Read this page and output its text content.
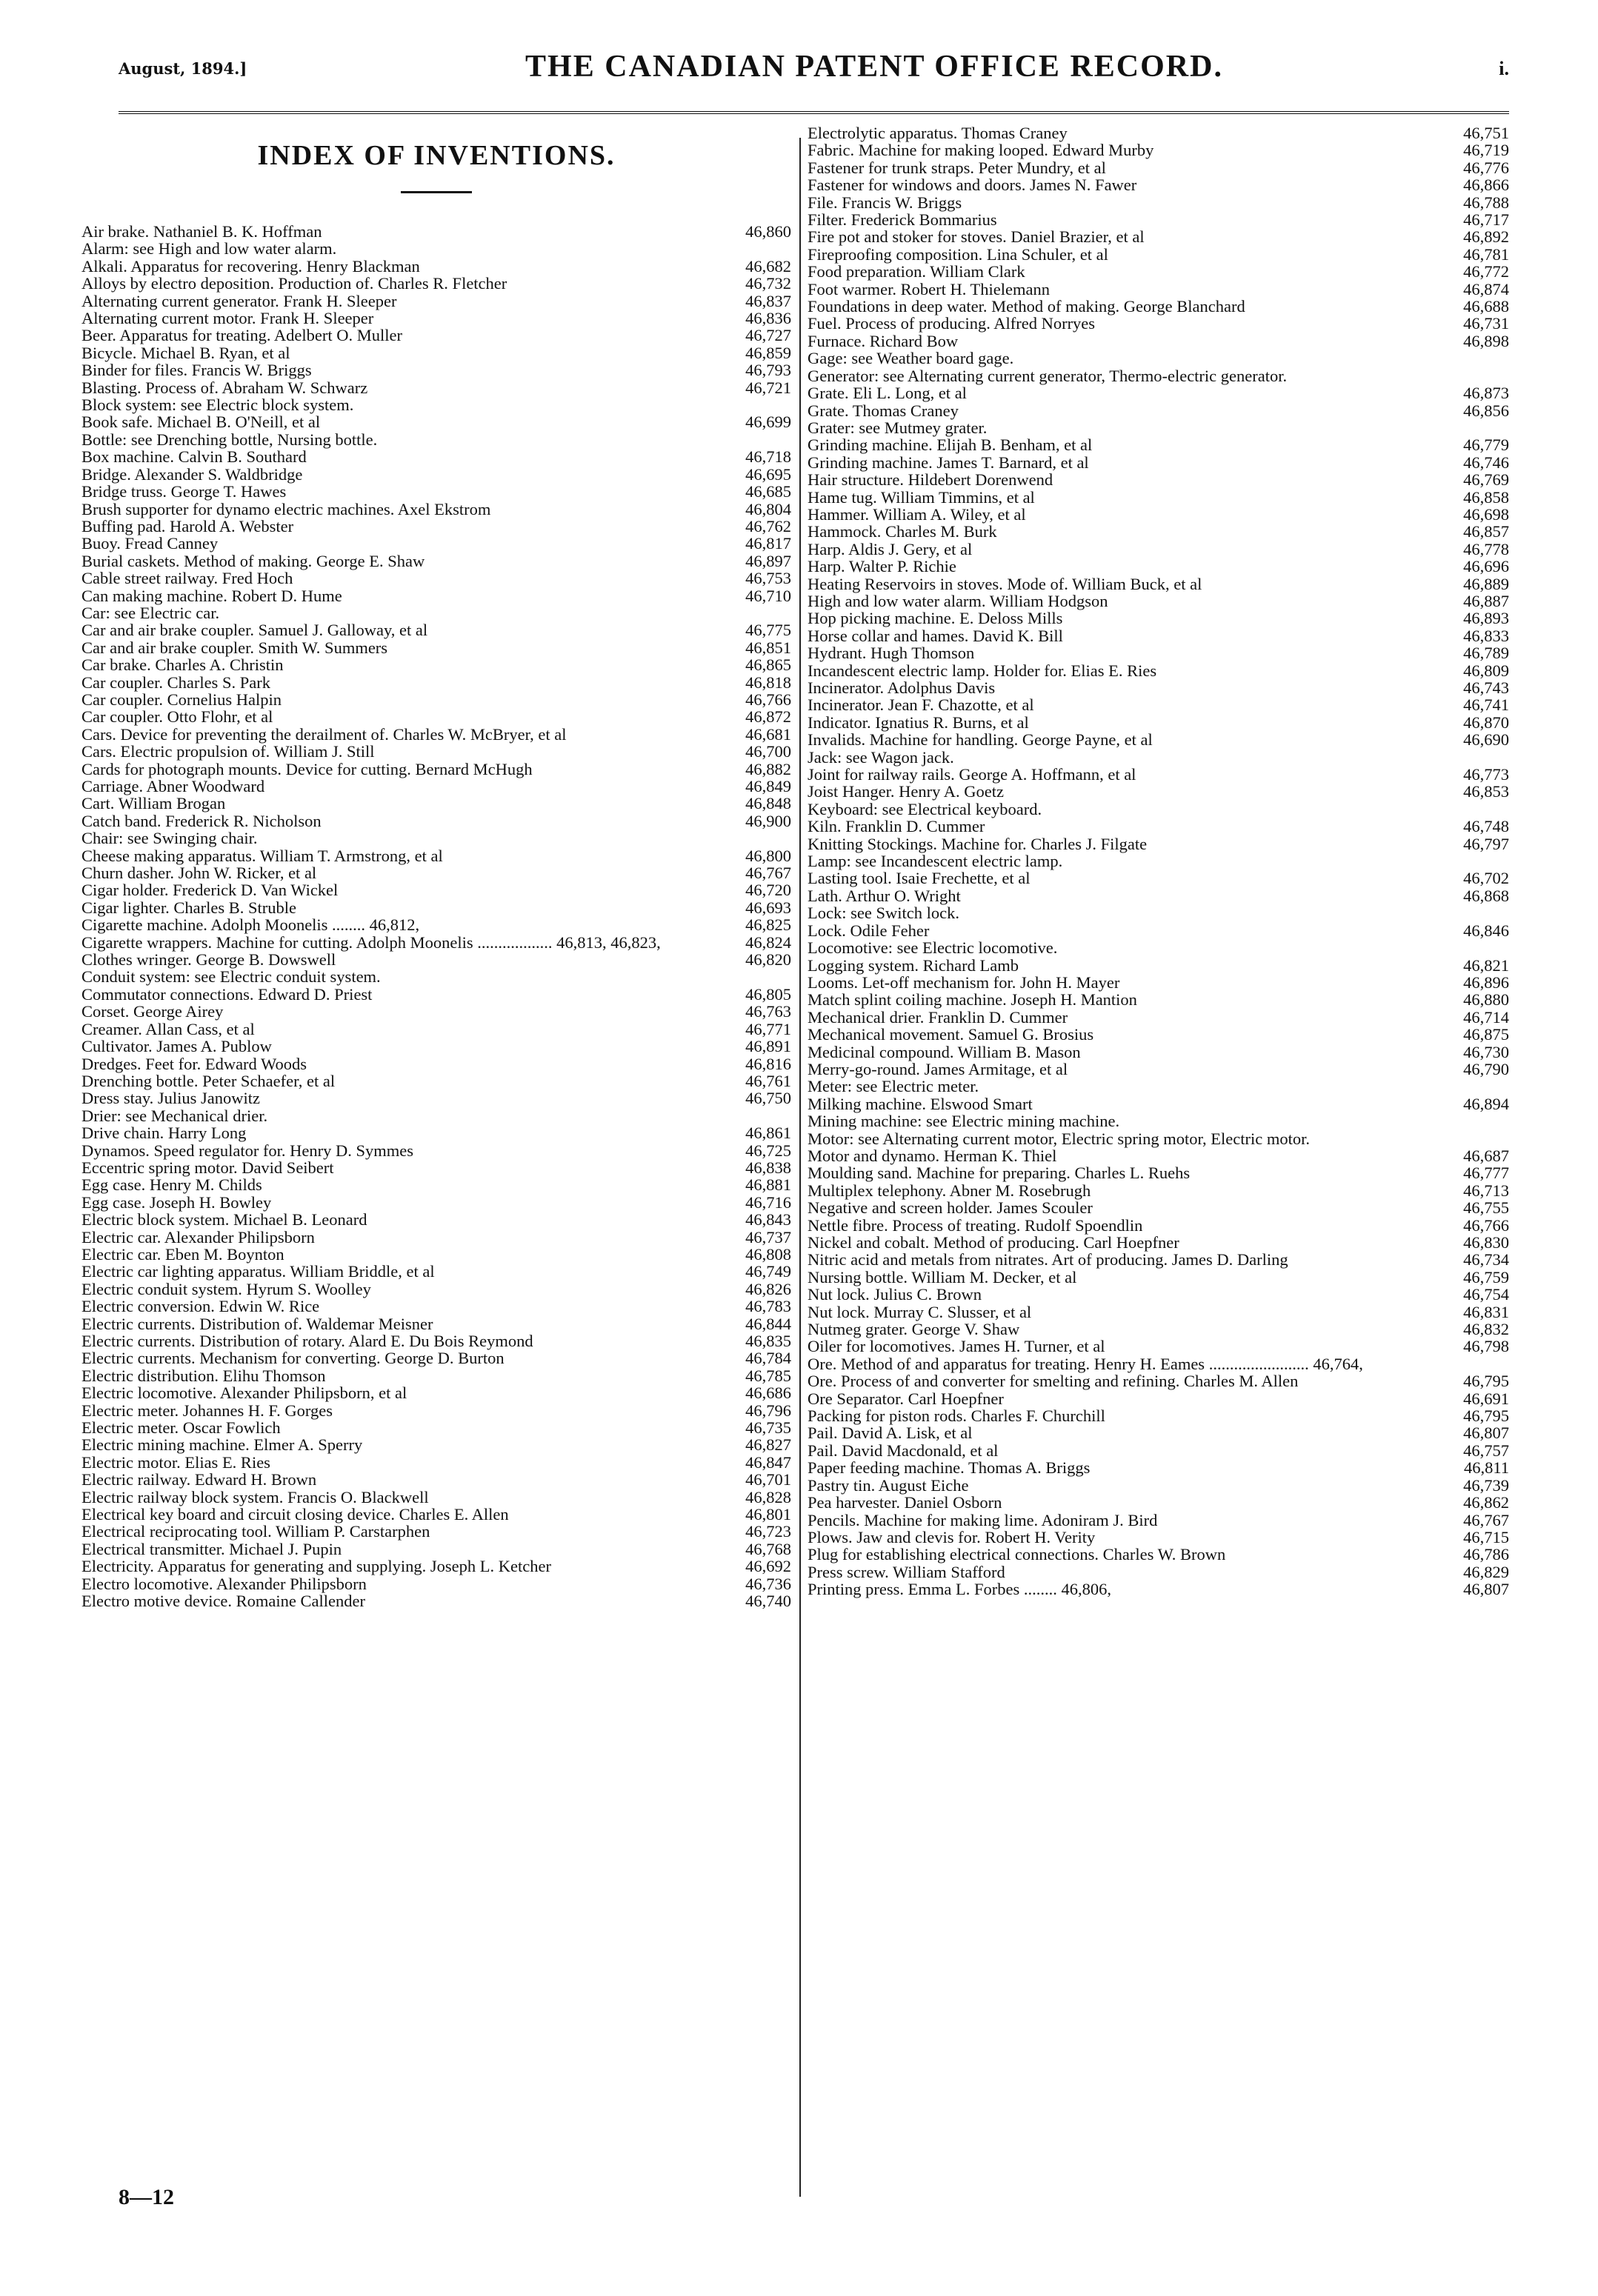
August, 1894.]	THE CANADIAN PATENT OFFICE RECORD.	i.
INDEX OF INVENTIONS.
Air brake. Nathaniel B. K. Hoffman	46,860
Alarm: see High and low water alarm.
Alkali. Apparatus for recovering. Henry Blackman	46,682
Alloys by electro deposition. Production of. Charles R. Fletcher	46,732
Alternating current generator. Frank H. Sleeper	46,837
Alternating current motor. Frank H. Sleeper	46,836
Beer. Apparatus for treating. Adelbert O. Muller	46,727
Bicycle. Michael B. Ryan, et al	46,859
Binder for files. Francis W. Briggs	46,793
Blasting. Process of. Abraham W. Schwarz	46,721
Block system: see Electric block system.
Book safe. Michael B. O'Neill, et al	46,699
Bottle: see Drenching bottle, Nursing bottle.
Box machine. Calvin B. Southard	46,718
Bridge. Alexander S. Waldbridge	46,695
Bridge truss. George T. Hawes	46,685
Brush supporter for dynamo electric machines. Axel Ekstrom	46,804
Buffing pad. Harold A. Webster	46,762
Buoy. Fread Canney	46,817
Burial caskets. Method of making. George E. Shaw	46,897
Cable street railway. Fred Hoch	46,753
Can making machine. Robert D. Hume	46,710
Car: see Electric car.
Car and air brake coupler. Samuel J. Galloway, et al	46,775
Car and air brake coupler. Smith W. Summers	46,851
Car brake. Charles A. Christin	46,865
Car coupler. Charles S. Park	46,818
Car coupler. Cornelius Halpin	46,766
Car coupler. Otto Flohr, et al	46,872
Cars. Device for preventing the derailment of. Charles W. McBryer, et al	46,681
Cars. Electric propulsion of. William J. Still	46,700
Cards for photograph mounts. Device for cutting. Bernard McHugh	46,882
Carriage. Abner Woodward	46,849
Cart. William Brogan	46,848
Catch band. Frederick R. Nicholson	46,900
Chair: see Swinging chair.
Cheese making apparatus. William T. Armstrong, et al	46,800
Churn dasher. John W. Ricker, et al	46,767
Cigar holder. Frederick D. Van Wickel	46,720
Cigar lighter. Charles B. Struble	46,693
Cigarette machine. Adolph Moonelis ........ 46,812,	46,825
Cigarette wrappers. Machine for cutting. Adolph Moonelis .................. 46,813, 46,823,	46,824
Clothes wringer. George B. Dowswell	46,820
Conduit system: see Electric conduit system.
Commutator connections. Edward D. Priest	46,805
Corset. George Airey	46,763
Creamer. Allan Cass, et al	46,771
Cultivator. James A. Publow	46,891
Dredges. Feet for. Edward Woods	46,816
Drenching bottle. Peter Schaefer, et al	46,761
Dress stay. Julius Janowitz	46,750
Drier: see Mechanical drier.
Drive chain. Harry Long	46,861
Dynamos. Speed regulator for. Henry D. Symmes	46,725
Eccentric spring motor. David Seibert	46,838
Egg case. Henry M. Childs	46,881
Egg case. Joseph H. Bowley	46,716
Electric block system. Michael B. Leonard	46,843
Electric car. Alexander Philipsborn	46,737
Electric car. Eben M. Boynton	46,808
Electric car lighting apparatus. William Briddle, et al	46,749
Electric conduit system. Hyrum S. Woolley	46,826
Electric conversion. Edwin W. Rice	46,783
Electric currents. Distribution of. Waldemar Meisner	46,844
Electric currents. Distribution of rotary. Alard E. Du Bois Reymond	46,835
Electric currents. Mechanism for converting. George D. Burton	46,784
Electric distribution. Elihu Thomson	46,785
Electric locomotive. Alexander Philipsborn, et al	46,686
Electric meter. Johannes H. F. Gorges	46,796
Electric meter. Oscar Fowlich	46,735
Electric mining machine. Elmer A. Sperry	46,827
Electric motor. Elias E. Ries	46,847
Electric railway. Edward H. Brown	46,701
Electric railway block system. Francis O. Blackwell	46,828
Electrical key board and circuit closing device. Charles E. Allen	46,801
Electrical reciprocating tool. William P. Carstarphen	46,723
Electrical transmitter. Michael J. Pupin	46,768
Electricity. Apparatus for generating and supplying. Joseph L. Ketcher	46,692
Electro locomotive. Alexander Philipsborn	46,736
Electro motive device. Romaine Callender	46,740
Electrolytic apparatus. Thomas Craney	46,751
Fabric. Machine for making looped. Edward Murby	46,719
Fastener for trunk straps. Peter Mundry, et al	46,776
Fastener for windows and doors. James N. Fawer	46,866
File. Francis W. Briggs	46,788
Filter. Frederick Bommarius	46,717
Fire pot and stoker for stoves. Daniel Brazier, et al	46,892
Fireproofing composition. Lina Schuler, et al	46,781
Food preparation. William Clark	46,772
Foot warmer. Robert H. Thielemann	46,874
Foundations in deep water. Method of making. George Blanchard	46,688
Fuel. Process of producing. Alfred Norryes	46,731
Furnace. Richard Bow	46,898
Gage: see Weather board gage.
Generator: see Alternating current generator, Thermo-electric generator.
Grate. Eli L. Long, et al	46,873
Grate. Thomas Craney	46,856
Grater: see Mutmey grater.
Grinding machine. Elijah B. Benham, et al	46,779
Grinding machine. James T. Barnard, et al	46,746
Hair structure. Hildebert Dorenwend	46,769
Hame tug. William Timmins, et al	46,858
Hammer. William A. Wiley, et al	46,698
Hammock. Charles M. Burk	46,857
Harp. Aldis J. Gery, et al	46,778
Harp. Walter P. Richie	46,696
Heating Reservoirs in stoves. Mode of. William Buck, et al	46,889
High and low water alarm. William Hodgson	46,887
Hop picking machine. E. Deloss Mills	46,893
Horse collar and hames. David K. Bill	46,833
Hydrant. Hugh Thomson	46,789
Incandescent electric lamp. Holder for. Elias E. Ries	46,809
Incinerator. Adolphus Davis	46,743
Incinerator. Jean F. Chazotte, et al	46,741
Indicator. Ignatius R. Burns, et al	46,870
Invalids. Machine for handling. George Payne, et al	46,690
Jack: see Wagon jack.
Joint for railway rails. George A. Hoffmann, et al	46,773
Joist Hanger. Henry A. Goetz	46,853
Keyboard: see Electrical keyboard.
Kiln. Franklin D. Cummer	46,748
Knitting Stockings. Machine for. Charles J. Filgate	46,797
Lamp: see Incandescent electric lamp.
Lasting tool. Isaie Frechette, et al	46,702
Lath. Arthur O. Wright	46,868
Lock: see Switch lock.
Lock. Odile Feher	46,846
Locomotive: see Electric locomotive.
Logging system. Richard Lamb	46,821
Looms. Let-off mechanism for. John H. Mayer	46,896
Match splint coiling machine. Joseph H. Mantion	46,880
Mechanical drier. Franklin D. Cummer	46,714
Mechanical movement. Samuel G. Brosius	46,875
Medicinal compound. William B. Mason	46,730
Merry-go-round. James Armitage, et al	46,790
Meter: see Electric meter.
Milking machine. Elswood Smart	46,894
Mining machine: see Electric mining machine.
Motor: see Alternating current motor, Electric spring motor, Electric motor.
Motor and dynamo. Herman K. Thiel	46,687
Moulding sand. Machine for preparing. Charles L. Ruehs	46,777
Multiplex telephony. Abner M. Rosebrugh	46,713
Negative and screen holder. James Scouler	46,755
Nettle fibre. Process of treating. Rudolf Spoendlin	46,766
Nickel and cobalt. Method of producing. Carl Hoepfner	46,830
Nitric acid and metals from nitrates. Art of producing. James D. Darling	46,734
Nursing bottle. William M. Decker, et al	46,759
Nut lock. Julius C. Brown	46,754
Nut lock. Murray C. Slusser, et al	46,831
Nutmeg grater. George V. Shaw	46,832
Oiler for locomotives. James H. Turner, et al	46,798
Ore. Method of and apparatus for treating. Henry H. Eames ........................ 46,764,
Ore. Process of and converter for smelting and refining. Charles M. Allen	46,795
Ore Separator. Carl Hoepfner	46,691
Packing for piston rods. Charles F. Churchill	46,795
Pail. David A. Lisk, et al	46,807
Pail. David Macdonald, et al	46,757
Paper feeding machine. Thomas A. Briggs	46,811
Pastry tin. August Eiche	46,739
Pea harvester. Daniel Osborn	46,862
Pencils. Machine for making lime. Adoniram J. Bird	46,767
Plows. Jaw and clevis for. Robert H. Verity	46,715
Plug for establishing electrical connections. Charles W. Brown	46,786
Press screw. William Stafford	46,829
Printing press. Emma L. Forbes ........ 46,806,	46,807
8—12
